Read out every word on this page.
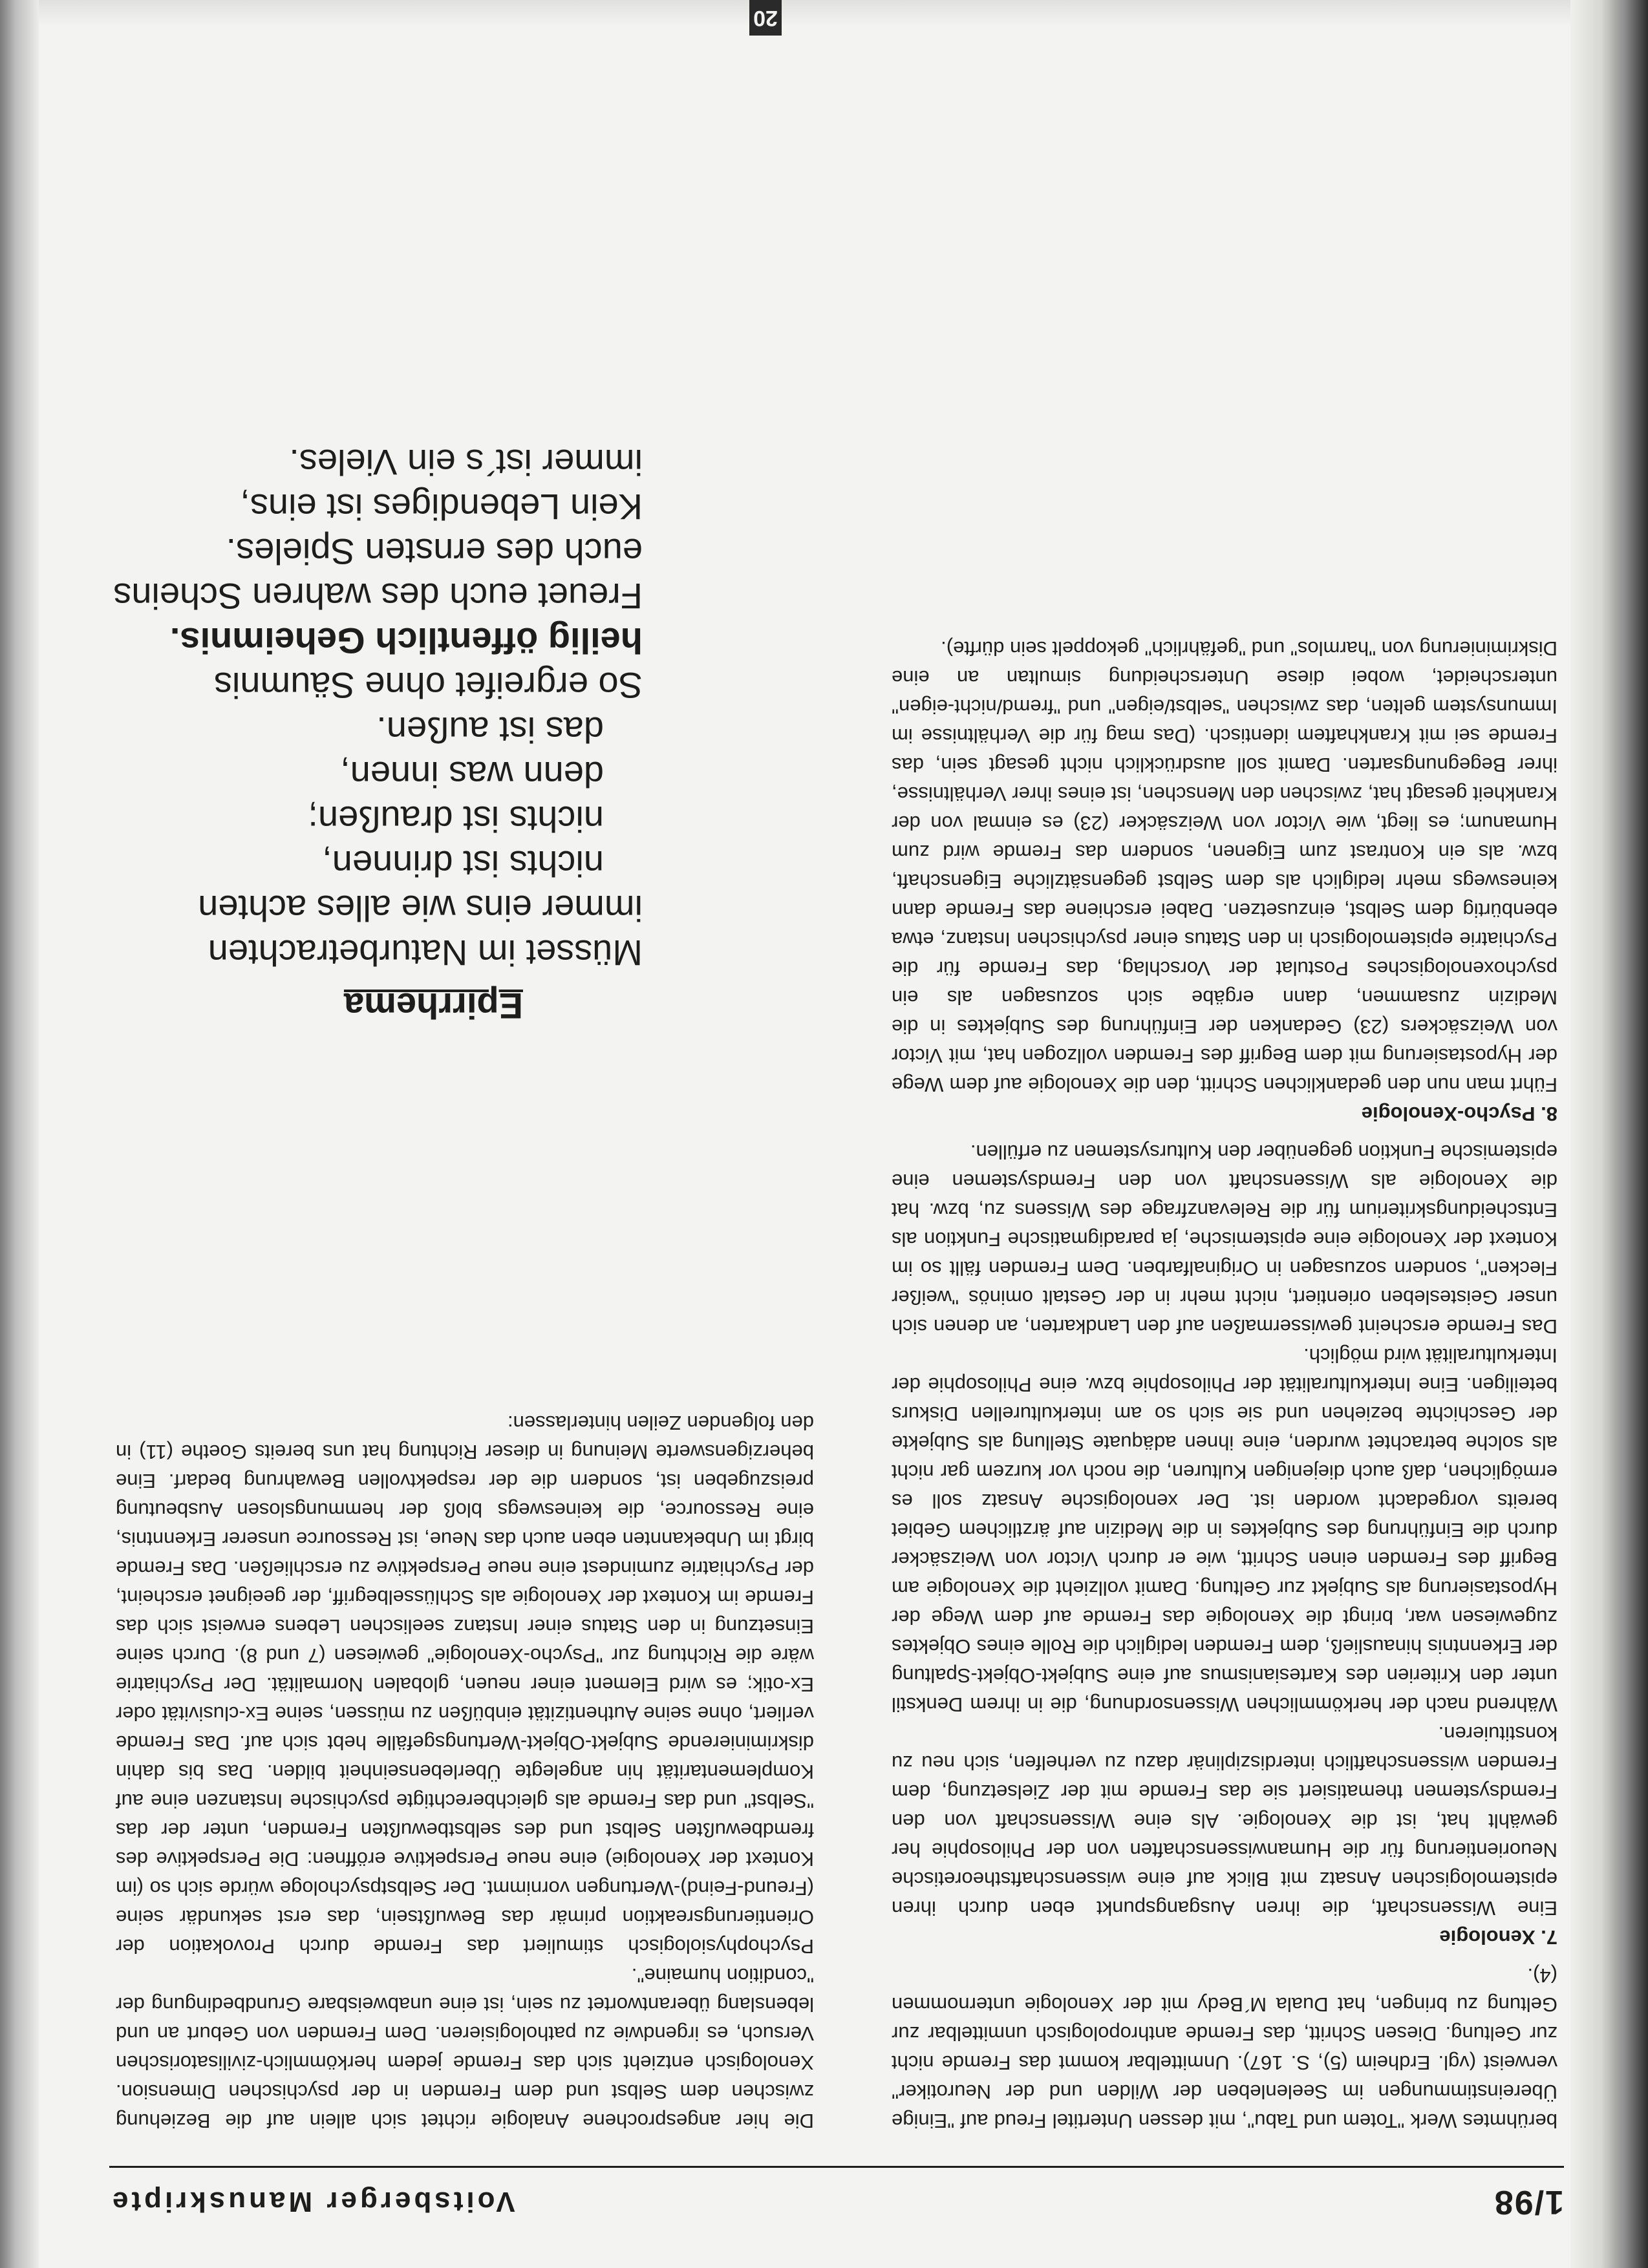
1/98
Voitsberger Manuskripte

berühmtes Werk "Totem und Tabu", mit dessen Untertitel Freud auf "Einige Übereinstimmungen im Seelenleben der Wilden und der Neurotiker" verweist (vgl. Erdheim (5), S. 167). Unmittelbar kommt das Fremde nicht zur Geltung. Diesen Schritt, das Fremde anthropologisch unmittelbar zur Geltung zu bringen, hat Duala M´Bedy mit der Xenologie unternommen (4).

7. Xenologie

Eine Wissenschaft, die ihren Ausgangspunkt eben durch ihren epistemologischen Ansatz mit Blick auf eine wissenschaftstheoretische Neuorientierung für die Humanwissenschaften von der Philosophie her gewählt hat, ist die Xenologie. Als eine Wissenschaft von den Fremdsystemen thematisiert sie das Fremde mit der Zielsetzung, dem Fremden wissenschaftlich interdisziplinär dazu zu verhelfen, sich neu zu konstituieren.

Während nach der herkömmlichen Wissensordnung, die in ihrem Denkstil unter den Kriterien des Kartesianismus auf eine Subjekt-Objekt-Spaltung der Erkenntnis hinausließ, dem Fremden lediglich die Rolle eines Objektes zugewiesen war, bringt die Xenologie das Fremde auf dem Wege der Hypostasierung als Subjekt zur Geltung. Damit vollzieht die Xenologie am Begriff des Fremden einen Schritt, wie er durch Victor von Weizsäcker durch die Einführung des Subjektes in die Medizin auf ärztlichem Gebiet bereits vorgedacht worden ist. Der xenologische Ansatz soll es ermöglichen, daß auch diejenigen Kulturen, die noch vor kurzem gar nicht als solche betrachtet wurden, eine ihnen adäquate Stellung als Subjekte der Geschichte beziehen und sie sich so am interkulturellen Diskurs beteiligen. Eine Interkulturalität der Philosophie bzw. eine Philosophie der Interkulturalität wird möglich.

Das Fremde erscheint gewissermaßen auf den Landkarten, an denen sich unser Geistesleben orientiert, nicht mehr in der Gestalt ominös "weißer Flecken", sondern sozusagen in Originalfarben. Dem Fremden fällt so im Kontext der Xenologie eine epistemische, ja paradigmatische Funktion als Entscheidungskriterium für die Relevanzfrage des Wissens zu, bzw. hat die Xenologie als Wissenschaft von den Fremdsystemen eine epistemische Funktion gegenüber den Kultursystemen zu erfüllen.

8. Psycho-Xenologie

Führt man nun den gedanklichen Schritt, den die Xenologie auf dem Wege der Hypostasierung mit dem Begriff des Fremden vollzogen hat, mit Victor von Weizsäckers (23) Gedanken der Einführung des Subjektes in die Medizin zusammen, dann ergäbe sich sozusagen als ein psychoxenologisches Postulat der Vorschlag, das Fremde für die Psychiatrie epistemologisch in den Status einer psychischen Instanz, etwa ebenbürtig dem Selbst, einzusetzen. Dabei erschiene das Fremde dann keineswegs mehr lediglich als dem Selbst gegensätzliche Eigenschaft, bzw. als ein Kontrast zum Eigenen, sondern das Fremde wird zum Humanum; es liegt, wie Victor von Weizsäcker (23) es einmal von der Krankheit gesagt hat, zwischen den Menschen, ist eines ihrer Verhältnisse, ihrer Begegnungsarten. Damit soll ausdrücklich nicht gesagt sein, das Fremde sei mit Krankhaftem identisch. (Das mag für die Verhältnisse im Immunsystem gelten, das zwischen "selbst/eigen" und "fremd/nicht-eigen" unterscheidet, wobei diese Unterscheidung simultan an eine Diskriminierung von "harmlos" und "gefährlich" gekoppelt sein dürfte).

Die hier angesprochene Analogie richtet sich allein auf die Beziehung zwischen dem Selbst und dem Fremden in der psychischen Dimension. Xenologisch entzieht sich das Fremde jedem herkömmlich-zivilisatorischen Versuch, es irgendwie zu pathologisieren. Dem Fremden von Geburt an und lebenslang überantwortet zu sein, ist eine unabweisbare Grundbedingung der "condition humaine".

Psychophysiologisch stimuliert das Fremde durch Provokation der Orientierungsreaktion primär das Bewußtsein, das erst sekundär seine (Freund-Feind)-Wertungen vornimmt. Der Selbstpsychologe würde sich so (im Kontext der Xenologie) eine neue Perspektive eröffnen: Die Perspektive des fremdbewußten Selbst und des selbstbewußten Fremden, unter der das "Selbst" und das Fremde als gleichberechtigte psychische Instanzen eine auf Komplementarität hin angelegte Überlebenseinheit bilden. Das bis dahin diskriminierende Subjekt-Objekt-Wertungsgefälle hebt sich auf. Das Fremde verliert, ohne seine Authentizität einbüßen zu müssen, seine Ex-clusivität oder Ex-otik; es wird Element einer neuen, globalen Normalität. Der Psychiatrie wäre die Richtung zur "Psycho-Xenologie" gewiesen (7 und 8). Durch seine Einsetzung in den Status einer Instanz seelischen Lebens erweist sich das Fremde im Kontext der Xenologie als Schlüsselbegriff, der geeignet erscheint, der Psychiatrie zumindest eine neue Perspektive zu erschließen. Das Fremde birgt im Unbekannten eben auch das Neue, ist Ressource unserer Erkenntnis, eine Ressource, die keineswegs bloß der hemmungslosen Ausbeutung preiszugeben ist, sondern die der respektvollen Bewahrung bedarf. Eine beherzigenswerte Meinung in dieser Richtung hat uns bereits Goethe (11) in den folgenden Zeilen hinterlassen:

Epirrhema
Müsset im Naturbetrachten
immer eins wie alles achten
nichts ist drinnen,
nichts ist draußen;
denn was innen,
das ist außen.
So ergreifet ohne Säumnis
heilig öffentlich Geheimnis.
Freuet euch des wahren Scheins
euch des ernsten Spieles.
Kein Lebendiges ist eins,
immer ist´s ein Vieles.
20
